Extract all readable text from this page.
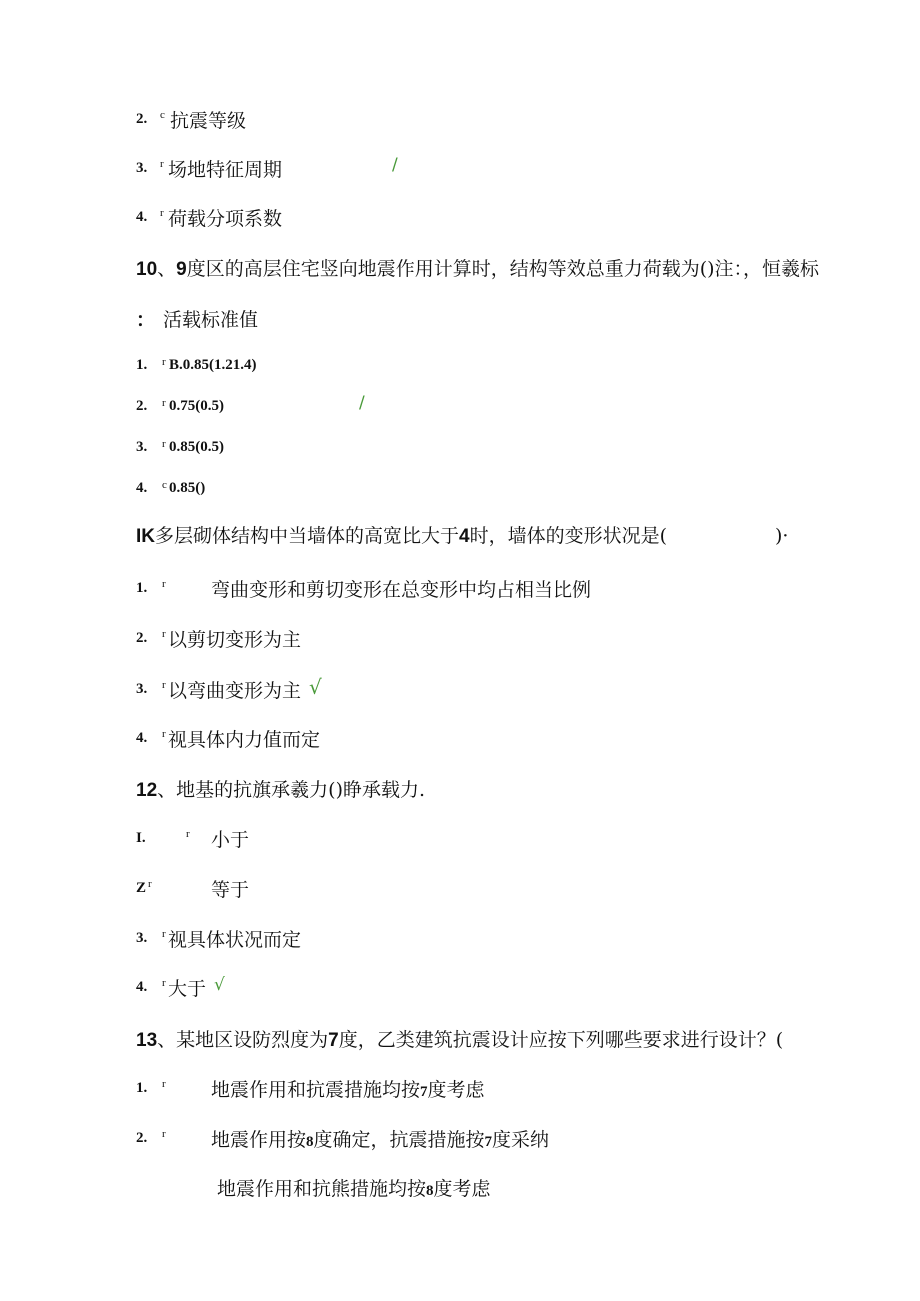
2. c 抗震等级
3. r 场地特征周期	/
4. r 荷载分项系数
10、9度区的高层住宅竖向地震作用计算时，结构等效总重力荷载为()注：，恒羲标
： 活载标准值
1. r B.0.85(1.21.4)
2. r 0.75(0.5)	/
3. r 0.85(0.5)
4. c 0.85()
IK多层砌体结构中当墙体的高宽比大于4时，墙体的变形状况是(	)·
1. r 弯曲变形和剪切变形在总变形中均占相当比例
2. r 以剪切变形为主
3. r 以弯曲变形为主 √
4. r 视具体内力值而定
12、地基的抗旗承羲力()睁承载力.
I.	r 小于
Z r	等于
3. r 视具体状况而定
4. r 大于 √
13、某地区设防烈度为7度，乙类建筑抗震设计应按下列哪些要求进行设计？(
1. r 地震作用和抗震措施均按7度考虑
2. r 地震作用按8度确定，抗震措施按7度采纳
地震作用和抗熊措施均按8度考虑
